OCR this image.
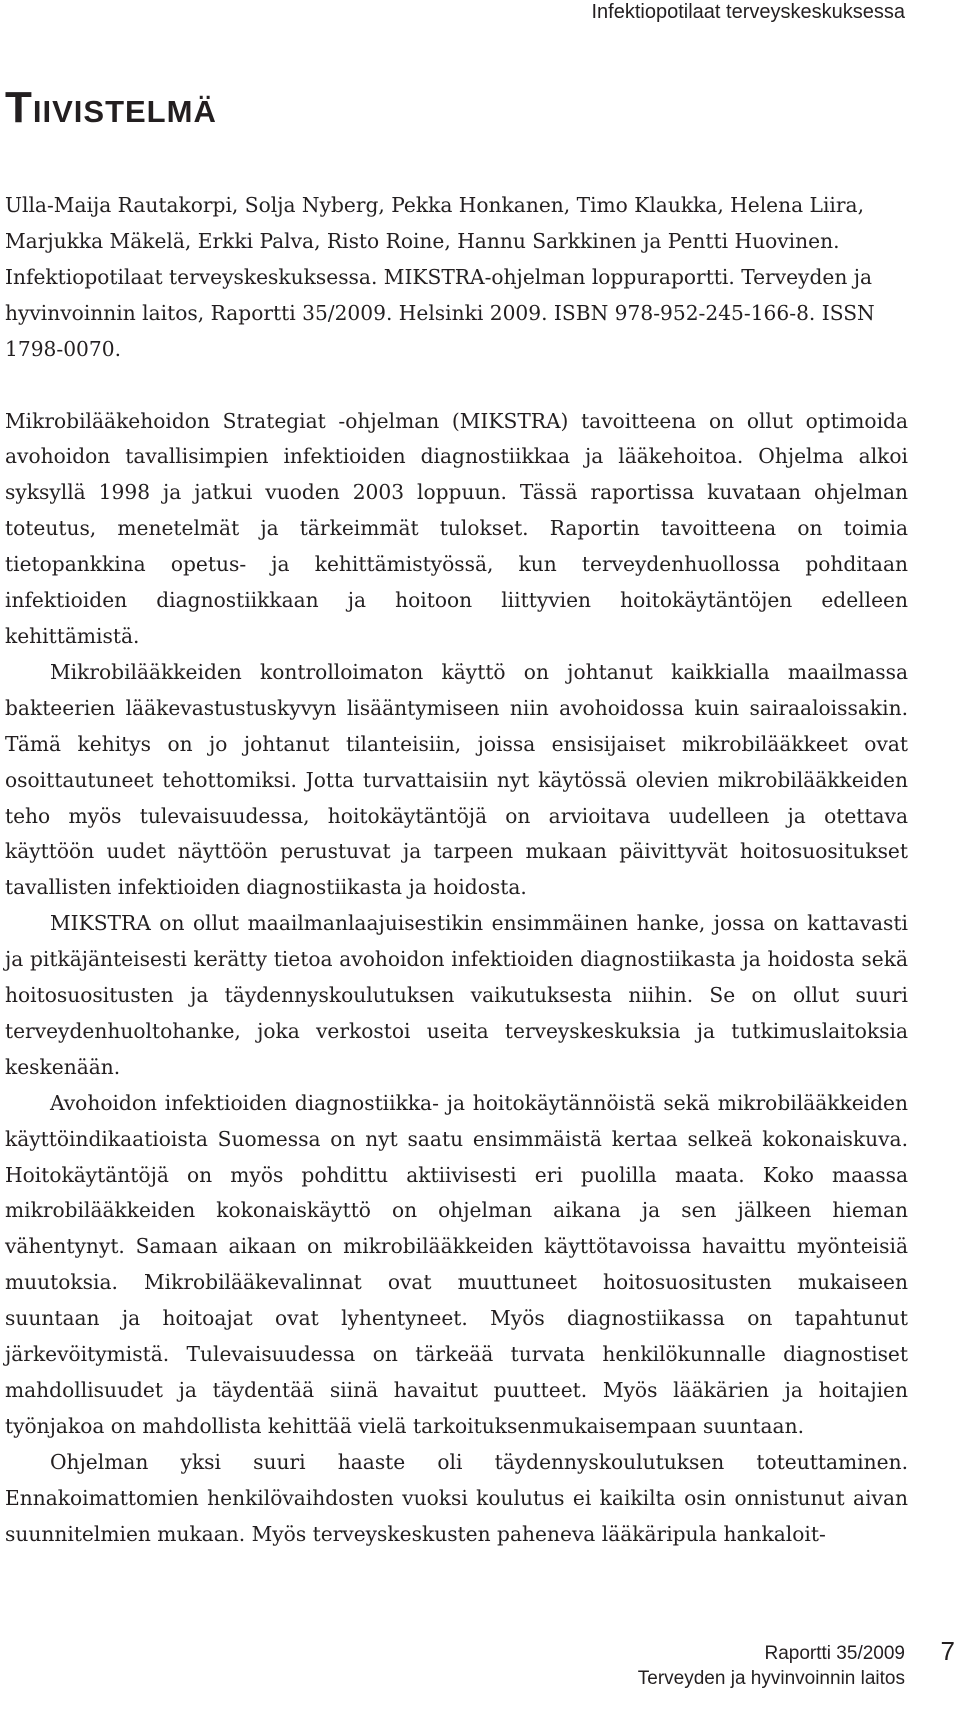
Infektiopotilaat terveyskeskuksessa
Tiivistelmä

Ulla-Maija Rautakorpi, Solja Nyberg, Pekka Honkanen, Timo Klaukka, Helena Liira, Marjukka Mäkelä, Erkki Palva, Risto Roine, Hannu Sarkkinen ja Pentti Huovinen. Infektiopotilaat terveyskeskuksessa. MIKSTRA-ohjelman loppuraportti. Terveyden ja hyvinvoinnin laitos, Raportti 35/2009. Helsinki 2009. ISBN 978-952-245-166-8. ISSN 1798-0070.

Mikrobilääkehoidon Strategiat -ohjelman (MIKSTRA) tavoitteena on ollut optimoida avohoidon tavallisimpien infektioiden diagnostiikkaa ja lääkehoitoa. Ohjelma alkoi syksyllä 1998 ja jatkui vuoden 2003 loppuun. Tässä raportissa kuvataan ohjelman toteutus, menetelmät ja tärkeimmät tulokset. Raportin tavoitteena on toimia tietopankkina opetus- ja kehittämistyössä, kun terveydenhuollossa pohditaan infektioiden diagnostiikkaan ja hoitoon liittyvien hoitokäytäntöjen edelleen kehittämistä.

Mikrobilääkkeiden kontrolloimaton käyttö on johtanut kaikkialla maailmassa bakteerien lääkevastustuskyvyn lisääntymiseen niin avohoidossa kuin sairaaloissakin. Tämä kehitys on jo johtanut tilanteisiin, joissa ensisijaiset mikrobilääkkeet ovat osoittautuneet tehottomiksi. Jotta turvattaisiin nyt käytössä olevien mikrobilääkkeiden teho myös tulevaisuudessa, hoitokäytäntöjä on arvioitava uudelleen ja otettava käyttöön uudet näyttöön perustuvat ja tarpeen mukaan päivittyvät hoitosuositukset tavallisten infektioiden diagnostiikasta ja hoidosta.

MIKSTRA on ollut maailmanlaajuisestikin ensimmäinen hanke, jossa on kattavasti ja pitkäjänteisesti kerätty tietoa avohoidon infektioiden diagnostiikasta ja hoidosta sekä hoitosuositusten ja täydennyskoulutuksen vaikutuksesta niihin. Se on ollut suuri terveydenhuoltohanke, joka verkostoi useita terveyskeskuksia ja tutkimuslaitoksia keskenään.

Avohoidon infektioiden diagnostiikka- ja hoitokäytännöistä sekä mikrobilääkkeiden käyttöindikaatioista Suomessa on nyt saatu ensimmäistä kertaa selkeä kokonaiskuva. Hoitokäytäntöjä on myös pohdittu aktiivisesti eri puolilla maata. Koko maassa mikrobilääkkeiden kokonaiskäyttö on ohjelman aikana ja sen jälkeen hieman vähentynyt. Samaan aikaan on mikrobilääkkeiden käyttötavoissa havaittu myönteisiä muutoksia. Mikrobilääkevalinnat ovat muuttuneet hoitosuositusten mukaiseen suuntaan ja hoitoajat ovat lyhentyneet. Myös diagnostiikassa on tapahtunut järkevöitymistä. Tulevaisuudessa on tärkeää turvata henkilökunnalle diagnostiset mahdollisuudet ja täydentää siinä havaitut puutteet. Myös lääkärien ja hoitajien työnjakoa on mahdollista kehittää vielä tarkoituksenmukaisempaan suuntaan.

Ohjelman yksi suuri haaste oli täydennyskoulutuksen toteuttaminen. Ennakoimattomien henkilövaihdosten vuoksi koulutus ei kaikilta osin onnistunut aivan suunnitelmien mukaan. Myös terveyskeskusten paheneva lääkäripula hankaloit-

Raportti 35/2009
Terveyden ja hyvinvoinnin laitos
7
